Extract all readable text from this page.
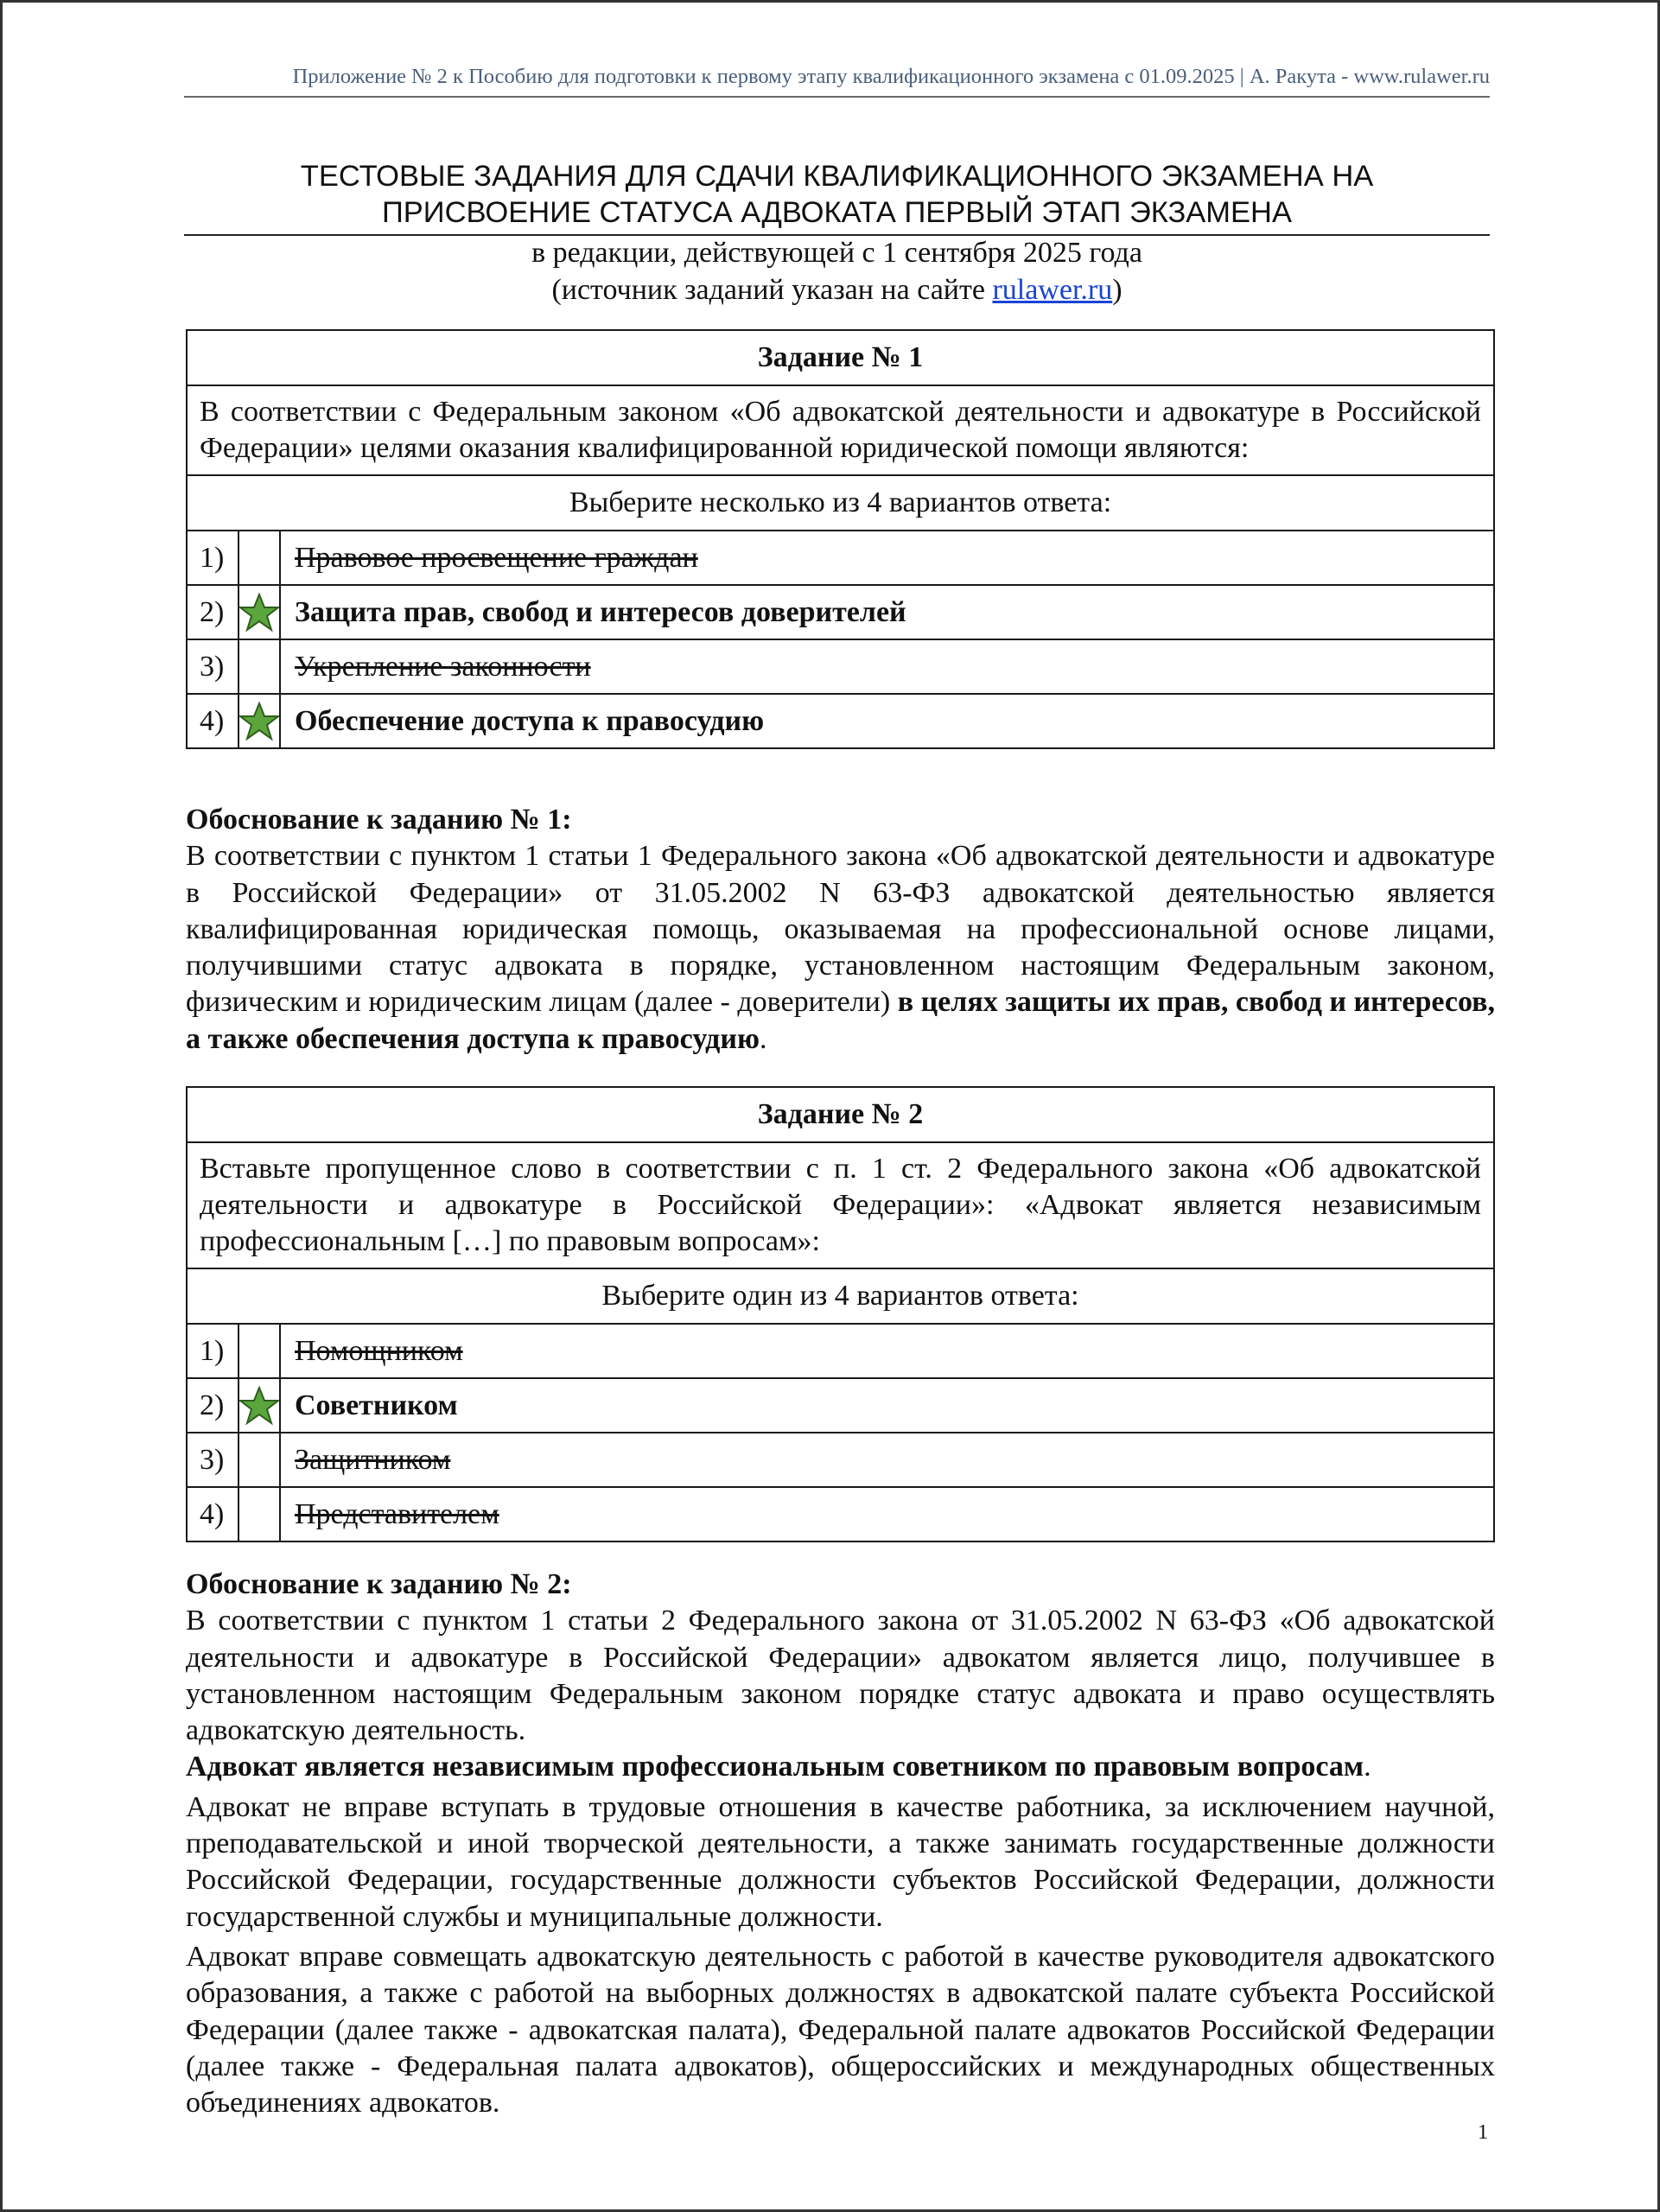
Приложение № 2 к Пособию для подготовки к первому этапу квалификационного экзамена с 01.09.2025 | А. Ракута - www.rulawer.ru
ТЕСТОВЫЕ ЗАДАНИЯ ДЛЯ СДАЧИ КВАЛИФИКАЦИОННОГО ЭКЗАМЕНА НА
ПРИСВОЕНИЕ СТАТУСА АДВОКАТА ПЕРВЫЙ ЭТАП ЭКЗАМЕНА
в редакции, действующей с 1 сентября 2025 года
(источник заданий указан на сайте rulawer.ru)
Задание № 1		
В соответствии с Федеральным законом «Об адвокатской деятельности и адвокатуре в Российской Федерации» целями оказания квалифицированной юридической помощи являются:		
Выберите несколько из 4 вариантов ответа:		
1)		Правовое просвещение граждан
2)		Защита прав, свобод и интересов доверителей
3)		Укрепление законности
4)		Обеспечение доступа к правосудию

Обоснование к заданию № 1:

В соответствии с пунктом 1 статьи 1 Федерального закона «Об адвокатской деятельности и адвокатуре в Российской Федерации» от 31.05.2002 N 63-ФЗ адвокатской деятельностью является квалифицированная юридическая помощь, оказываемая на профессиональной основе лицами, получившими статус адвоката в порядке, установленном настоящим Федеральным законом, физическим и юридическим лицам (далее - доверители) в целях защиты их прав, свобод и интересов, а также обеспечения доступа к правосудию.

Задание № 2		
Вставьте пропущенное слово в соответствии с п. 1 ст. 2 Федерального закона «Об адвокатской деятельности и адвокатуре в Российской Федерации»: «Адвокат является независимым профессиональным […] по правовым вопросам»:		
Выберите один из 4 вариантов ответа:		
1)		Помощником
2)		Советником
3)		Защитником
4)		Представителем

Обоснование к заданию № 2:

В соответствии с пунктом 1 статьи 2 Федерального закона от 31.05.2002 N 63-ФЗ «Об адвокатской деятельности и адвокатуре в Российской Федерации» адвокатом является лицо, получившее в установленном настоящим Федеральным законом порядке статус адвоката и право осуществлять адвокатскую деятельность.

Адвокат является независимым профессиональным советником по правовым вопросам.

Адвокат не вправе вступать в трудовые отношения в качестве работника, за исключением научной, преподавательской и иной творческой деятельности, а также занимать государственные должности Российской Федерации, государственные должности субъектов Российской Федерации, должности государственной службы и муниципальные должности.

Адвокат вправе совмещать адвокатскую деятельность с работой в качестве руководителя адвокатского образования, а также с работой на выборных должностях в адвокатской палате субъекта Российской Федерации (далее также - адвокатская палата), Федеральной палате адвокатов Российской Федерации (далее также - Федеральная палата адвокатов), общероссийских и международных общественных объединениях адвокатов.

1
